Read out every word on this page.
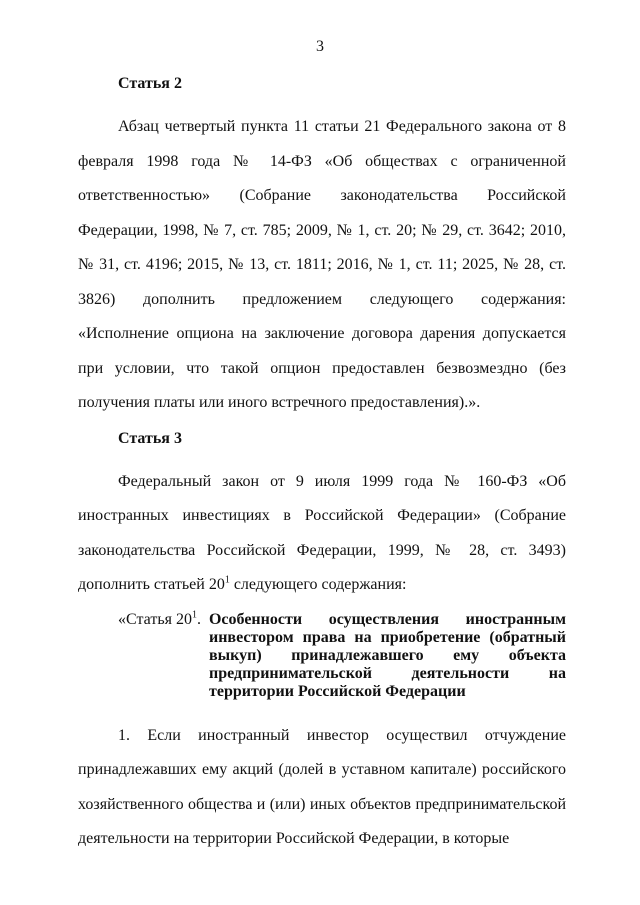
3
Статья 2

Абзац четвертый пункта 11 статьи 21 Федерального закона от 8 февраля 1998 года № 14-ФЗ «Об обществах с ограниченной ответственностью» (Собрание законодательства Российской Федерации, 1998, № 7, ст. 785; 2009, № 1, ст. 20; № 29, ст. 3642; 2010, № 31, ст. 4196; 2015, № 13, ст. 1811; 2016, № 1, ст. 11; 2025, № 28, ст. 3826) дополнить предложением следующего содержания: «Исполнение опциона на заключение договора дарения допускается при условии, что такой опцион предоставлен безвозмездно (без получения платы или иного встречного предоставления).».

Статья 3

Федеральный закон от 9 июля 1999 года № 160-ФЗ «Об иностранных инвестициях в Российской Федерации» (Собрание законодательства Российской Федерации, 1999, № 28, ст. 3493) дополнить статьей $20^1$ следующего содержания:

«Статья $20^1$. Особенности осуществления иностранным инвестором права на приобретение (обратный выкуп) принадлежавшего ему объекта предпринимательской деятельности на территории Российской Федерации

1. Если иностранный инвестор осуществил отчуждение принадлежавших ему акций (долей в уставном капитале) российского хозяйственного общества и (или) иных объектов предпринимательской деятельности на территории Российской Федерации, в которые
